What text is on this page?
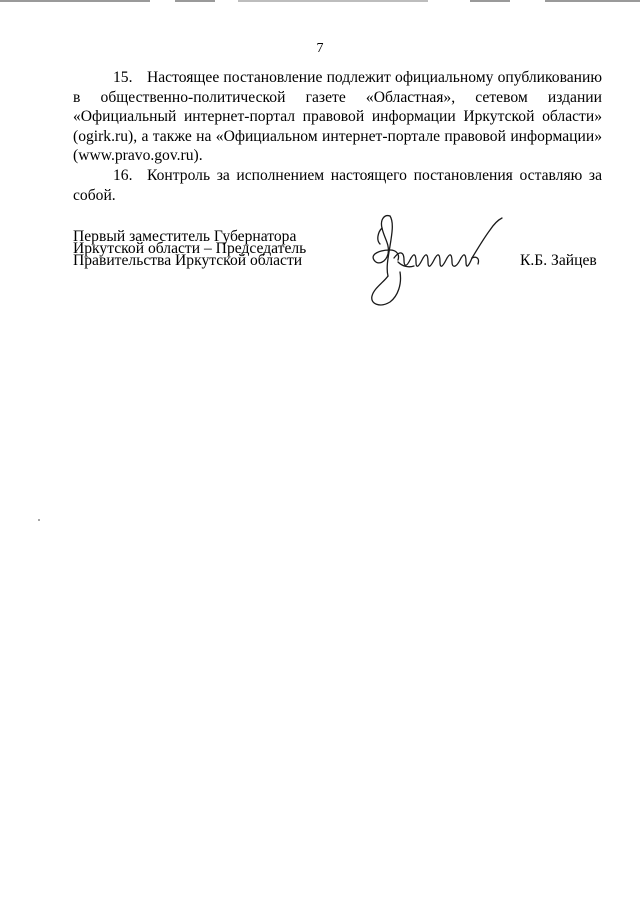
7

15. Настоящее постановление подлежит официальному опубликованию в общественно-политической газете «Областная», сетевом издании «Официальный интернет-портал правовой информации Иркутской области» (ogirk.ru), а также на «Официальном интернет-портале правовой информации» (www.pravo.gov.ru).

16. Контроль за исполнением настоящего постановления оставляю за собой.

Первый заместитель Губернатора
Иркутской области – Председатель
Правительства Иркутской области	К.Б. Зайцев
